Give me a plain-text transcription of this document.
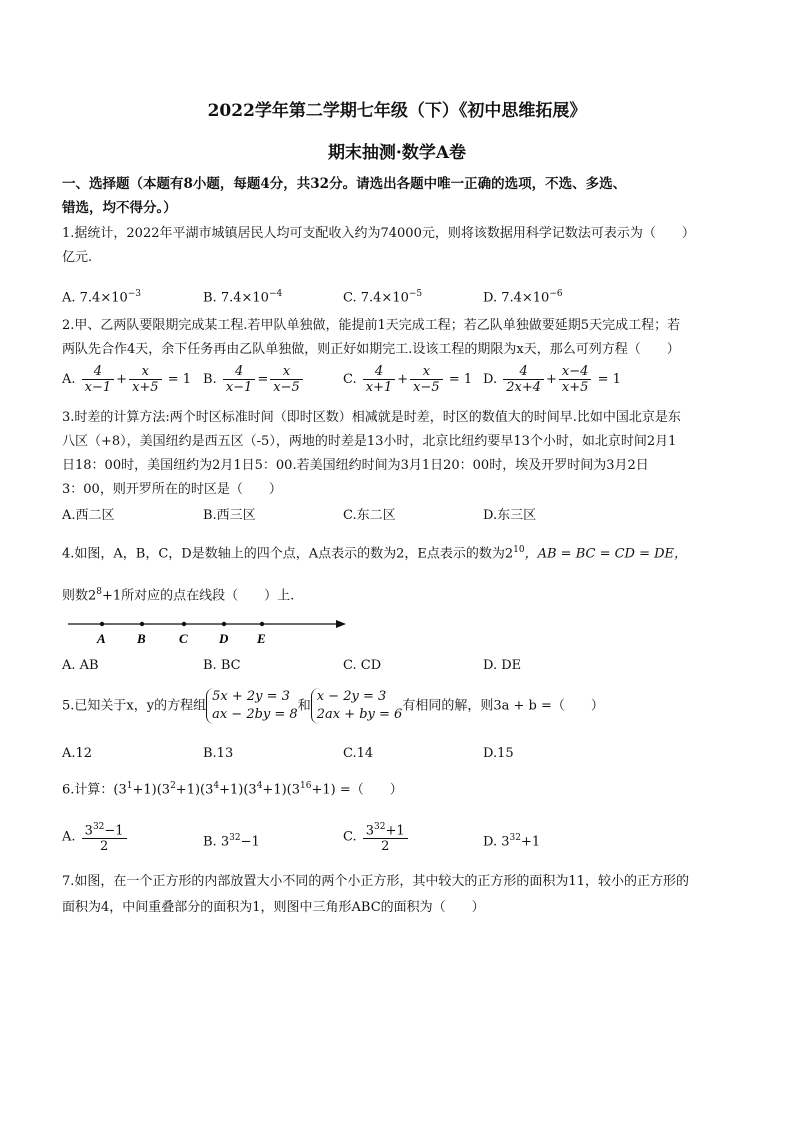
2022学年第二学期七年级（下）《初中思维拓展》
期末抽测·数学A卷
一、选择题（本题有8小题，每题4分，共32分。请选出各题中唯一正确的选项，不选、多选、
错选，均不得分。）
1.据统计，2022年平湖市城镇居民人均可支配收入约为74000元，则将该数据用科学记数法可表示为（　　）
亿元.
A. $7.4\times 10^{-3}$	B. $7.4\times 10^{-4}$	C. $7.4\times 10^{-5}$	D. $7.4\times 10^{-6}$
2.甲、乙两队要限期完成某工程.若甲队单独做，能提前1天完成工程；若乙队单独做要延期5天完成工程；若
两队先合作4天，余下任务再由乙队单独做，则正好如期完工.设该工程的期限为x天，那么可列方程（　　）
A. $\frac{4}{x-1} + \frac{x}{x+5} = 1$ B. $\frac{4}{x-1} = \frac{x}{x-5}$	C. $\frac{4}{x+1} + \frac{x}{x-5} = 1$ D. $\frac{4}{2x+4} + \frac{x-4}{x+5} = 1$
3.时差的计算方法:两个时区标准时间（即时区数）相减就是时差，时区的数值大的时间早.比如中国北京是东
八区（+8），美国纽约是西五区（-5），两地的时差是13小时，北京比纽约要早13个小时，如北京时间2月1
日18：00时，美国纽约为2月1日5：00.若美国纽约时间为3月1日20：00时，埃及开罗时间为3月2日
3：00，则开罗所在的时区是（　　）
A.西二区	B.西三区	C.东二区	D.东三区
4.如图，A，B，C，D是数轴上的四个点，A点表示的数为2，E点表示的数为$2^{10}$，AB = BC = CD = DE，
则数$2^8+1$所对应的点在线段（　　）上.
A B	C D E
A. AB	B. BC	C. CD	D. DE
5.已知关于x，y的方程组5x + 2y = 3
ax − 2by = 8和x − 2y = 3
2ax + by = 6有相同的解，则3a + b =（　　）
A.12	B.13	C.14	D.15
6.计算：$(3^1+1)(3^2+1)(3^4+1)(3^4+1)(3^{16}+1)$ =（　　）
A. $\frac{3^{32}-1}{2}$	B. $3^{32}-1$	C. $\frac{3^{32}+1}{2}$	D. $3^{32}+1$
7.如图，在一个正方形的内部放置大小不同的两个小正方形，其中较大的正方形的面积为11，较小的正方形的
面积为4，中间重叠部分的面积为1，则图中三角形ABC的面积为（　　）
